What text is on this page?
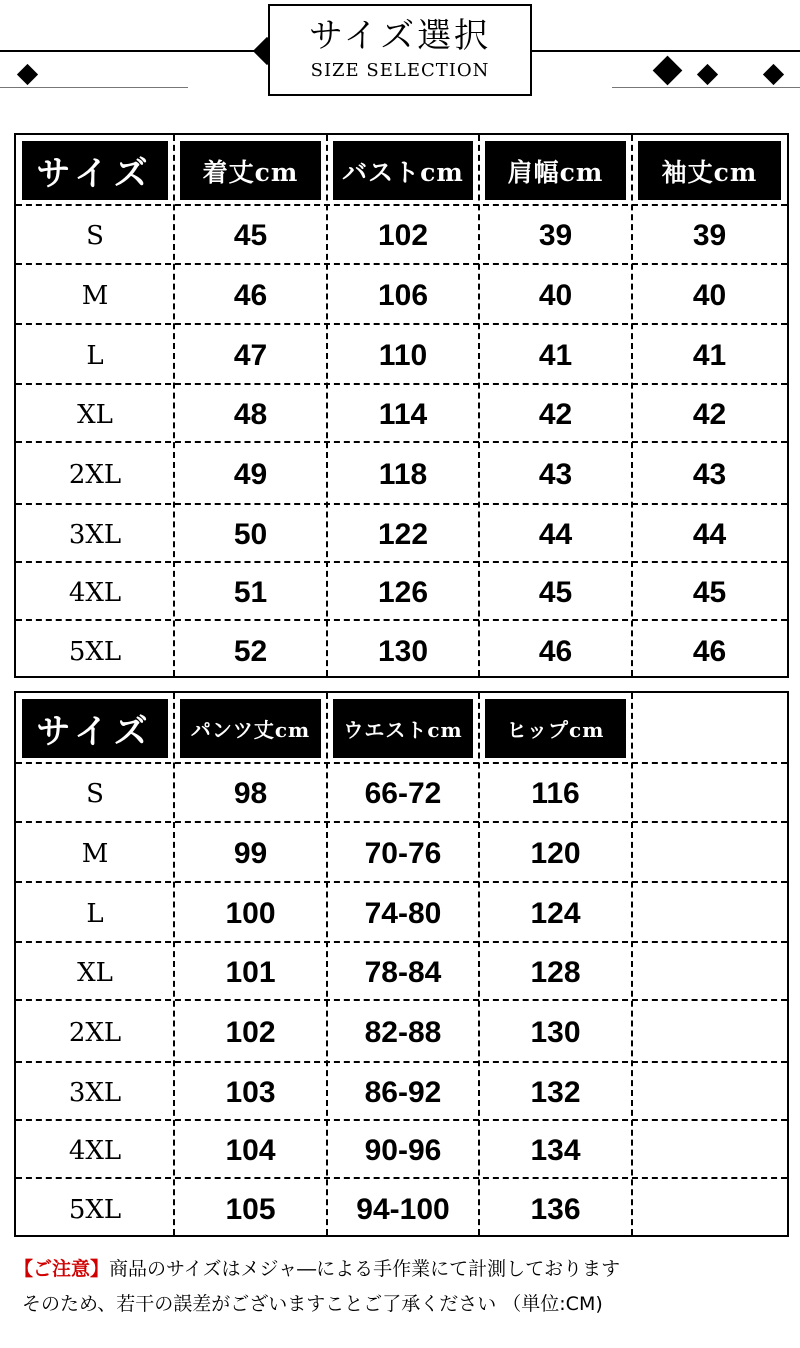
サイズ選択
SIZE SELECTION
サイズ	着丈cm	バストcm	肩幅cm	袖丈cm
S	45	102	39	39
M	46	106	40	40
L	47	110	41	41
XL	48	114	42	42
2XL	49	118	43	43
3XL	50	122	44	44
4XL	51	126	45	45
5XL	52	130	46	46
サイズ	パンツ丈cm	ウエストcm	ヒップcm
S	98	66-72	116
M	99	70-76	120
L	100	74-80	124
XL	101	78-84	128
2XL	102	82-88	130
3XL	103	86-92	132
4XL	104	90-96	134
5XL	105	94-100	136
【ご注意】商品のサイズはメジャ―による手作業にて計測しております
そのため、若干の誤差がございますことご了承ください （単位:CM)
